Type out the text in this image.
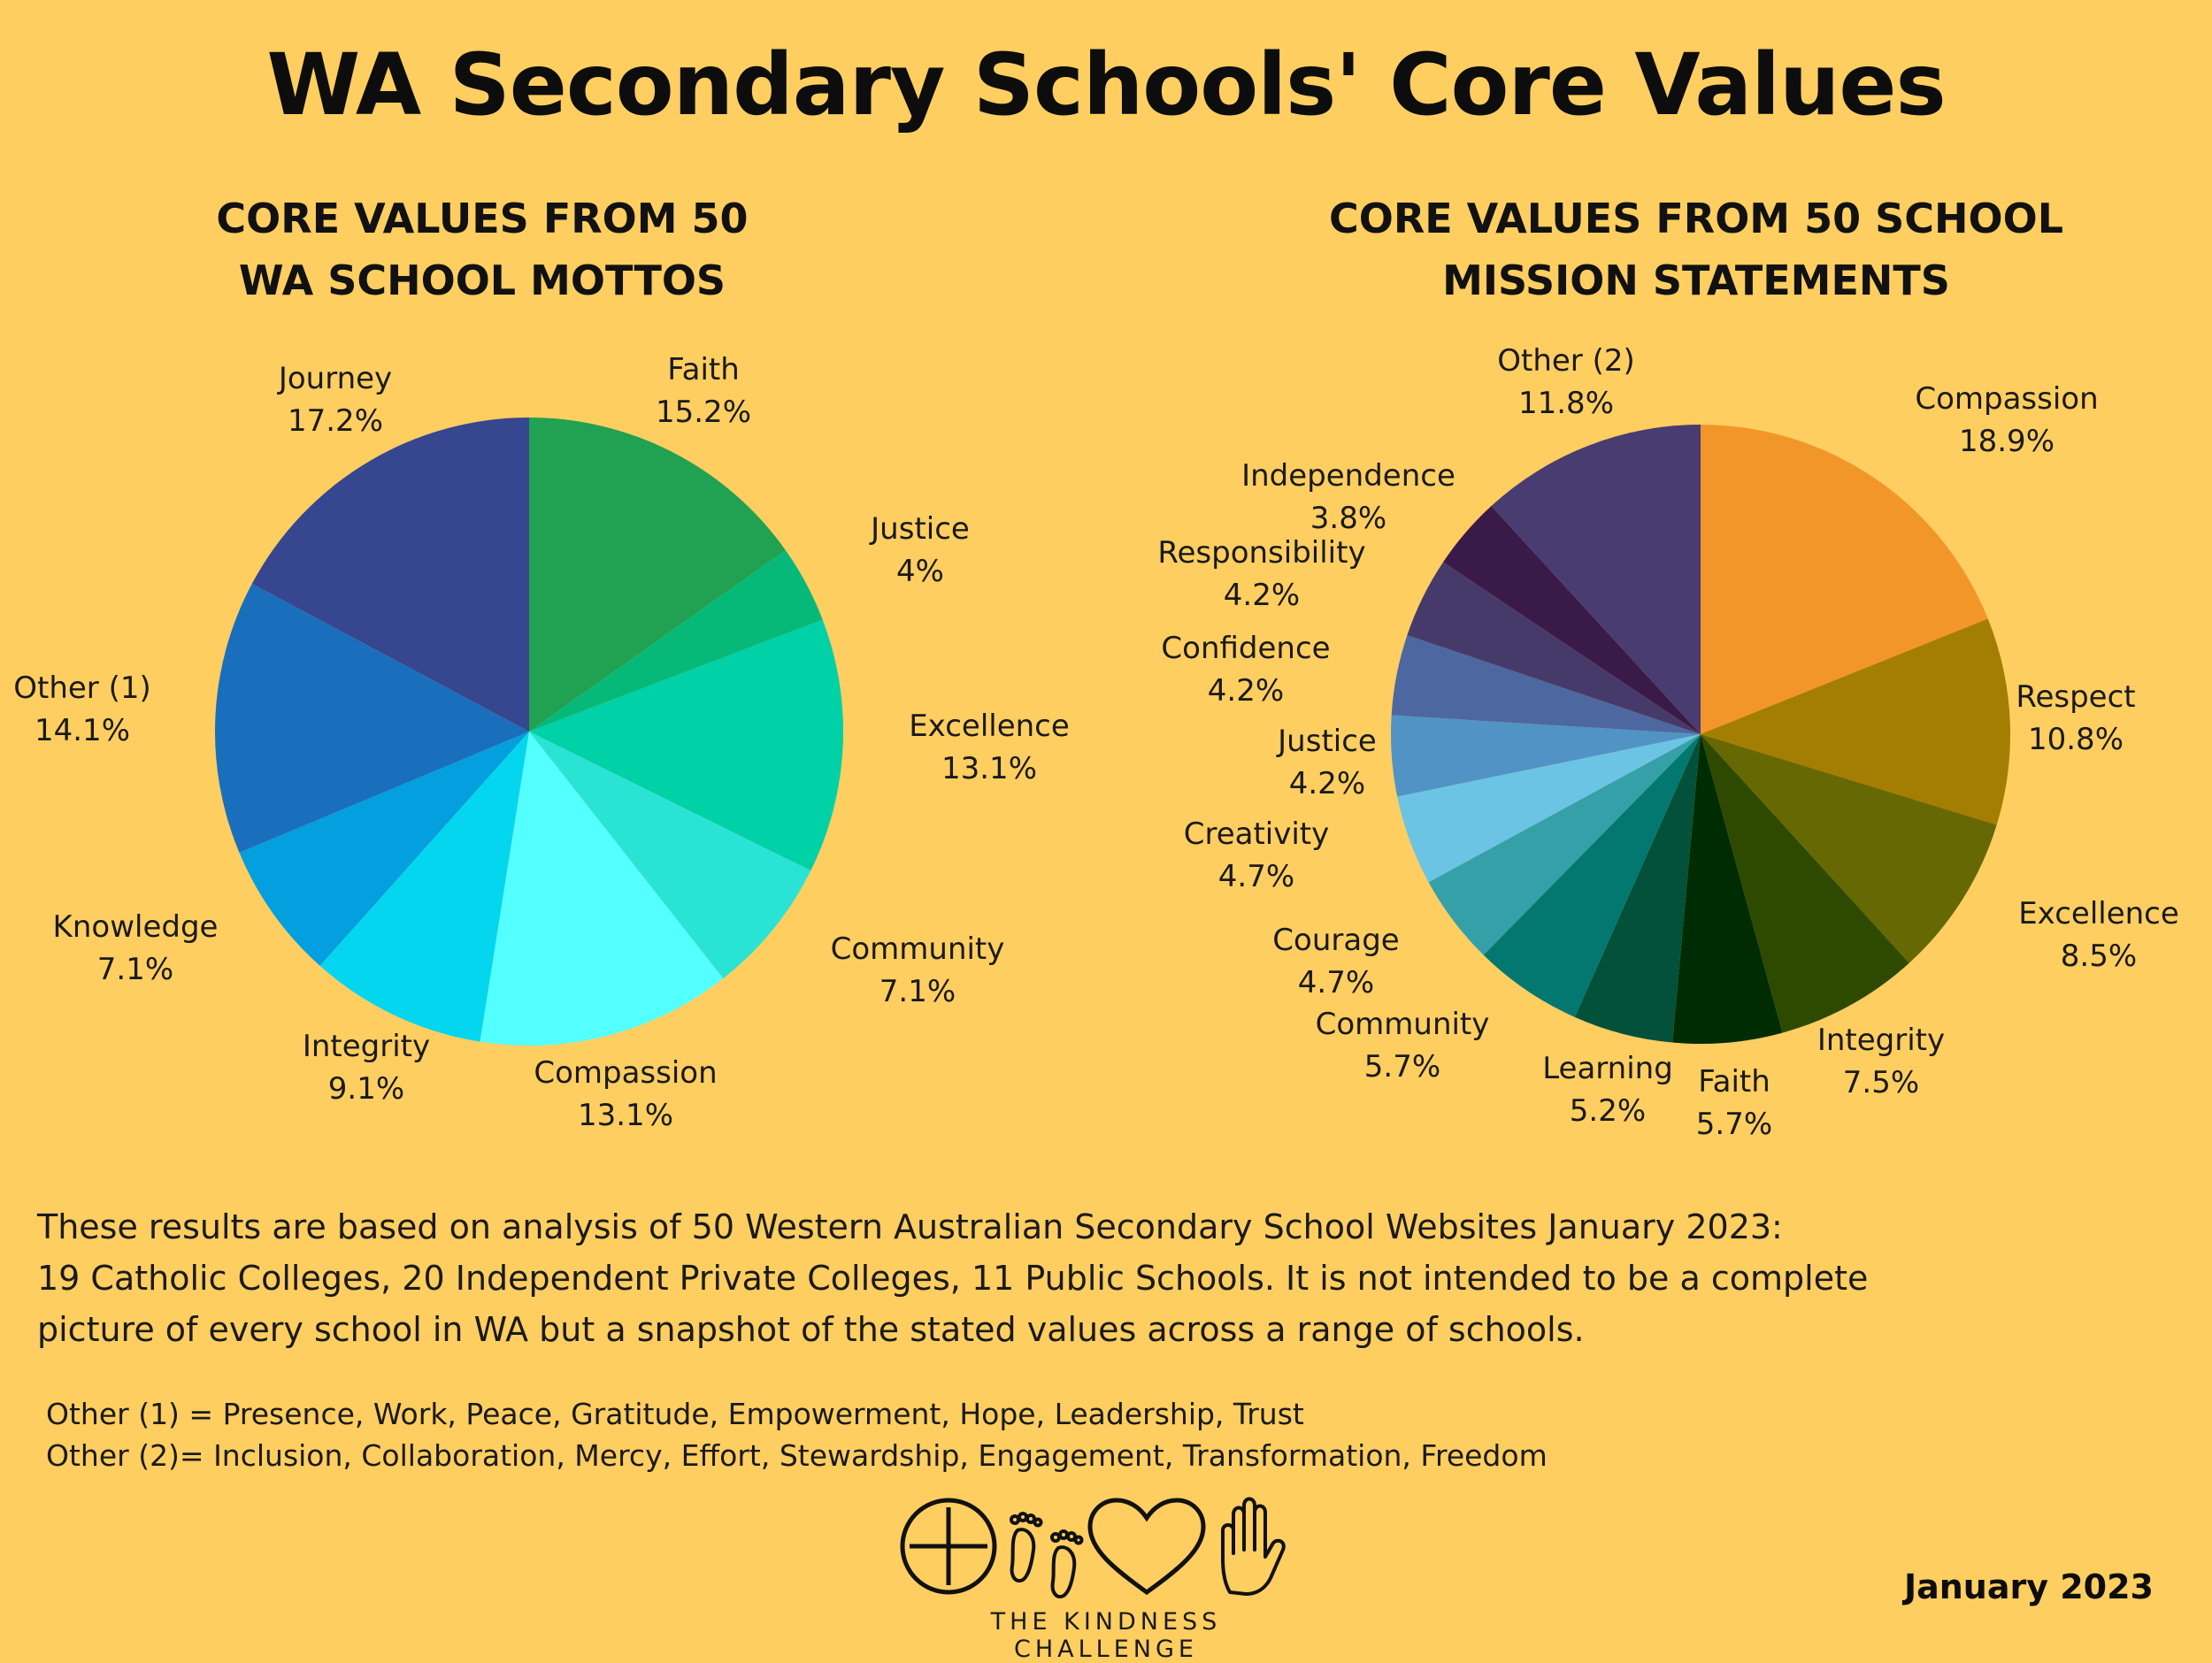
WA Secondary Schools' Core Values
CORE VALUES FROM 50
WA SCHOOL MOTTOS
CORE VALUES FROM 50 SCHOOL
MISSION STATEMENTS
Faith
15.2%
Justice
4%
Excellence
13.1%
Community
7.1%
Compassion
13.1%
Integrity
9.1%
Knowledge
7.1%
Other (1)
14.1%
Journey
17.2%
Compassion
18.9%
Respect
10.8%
Excellence
8.5%
Integrity
7.5%
Faith
5.7%
Learning
5.2%
Community
5.7%
Courage
4.7%
Creativity
4.7%
Justice
4.2%
Confidence
4.2%
Responsibility
4.2%
Independence
3.8%
Other (2)
11.8%
These results are based on analysis of 50 Western Australian Secondary School Websites January 2023:
19 Catholic Colleges, 20 Independent Private Colleges, 11 Public Schools. It is not intended to be a complete
picture of every school in WA but a snapshot of the stated values across a range of schools.
Other (1) = Presence, Work, Peace, Gratitude, Empowerment, Hope, Leadership, Trust
Other (2)= Inclusion, Collaboration, Mercy, Effort, Stewardship, Engagement, Transformation, Freedom
THE KINDNESS CHALLENGE
January 2023
